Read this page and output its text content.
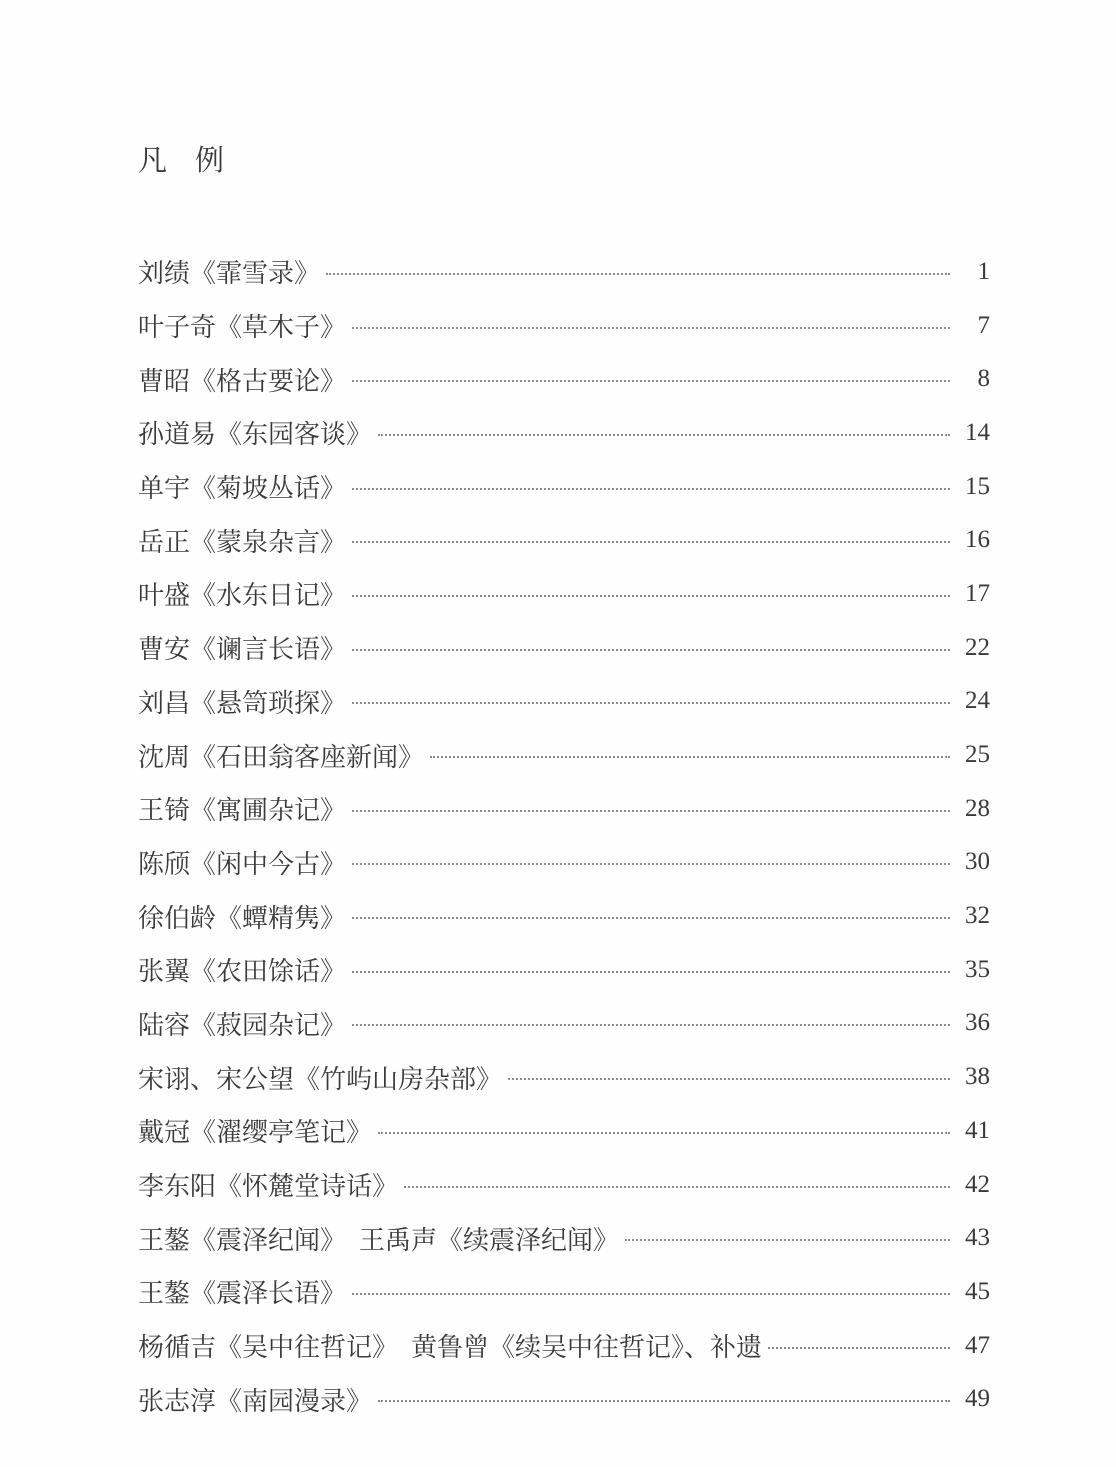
凡例
刘绩《霏雪录》	1
叶子奇《草木子》	7
曹昭《格古要论》	8
孙道易《东园客谈》	14
单宇《菊坡丛话》	15
岳正《蒙泉杂言》	16
叶盛《水东日记》	17
曹安《谰言长语》	22
刘昌《悬笥琐探》	24
沈周《石田翁客座新闻》	25
王锜《寓圃杂记》	28
陈颀《闲中今古》	30
徐伯龄《蟫精隽》	32
张翼《农田馀话》	35
陆容《菽园杂记》	36
宋诩、宋公望《竹屿山房杂部》	38
戴冠《濯缨亭笔记》	41
李东阳《怀麓堂诗话》	42
王鏊《震泽纪闻》　王禹声《续震泽纪闻》	43
王鏊《震泽长语》	45
杨循吉《吴中往哲记》　黄鲁曾《续吴中往哲记》、补遗	47
张志淳《南园漫录》	49
